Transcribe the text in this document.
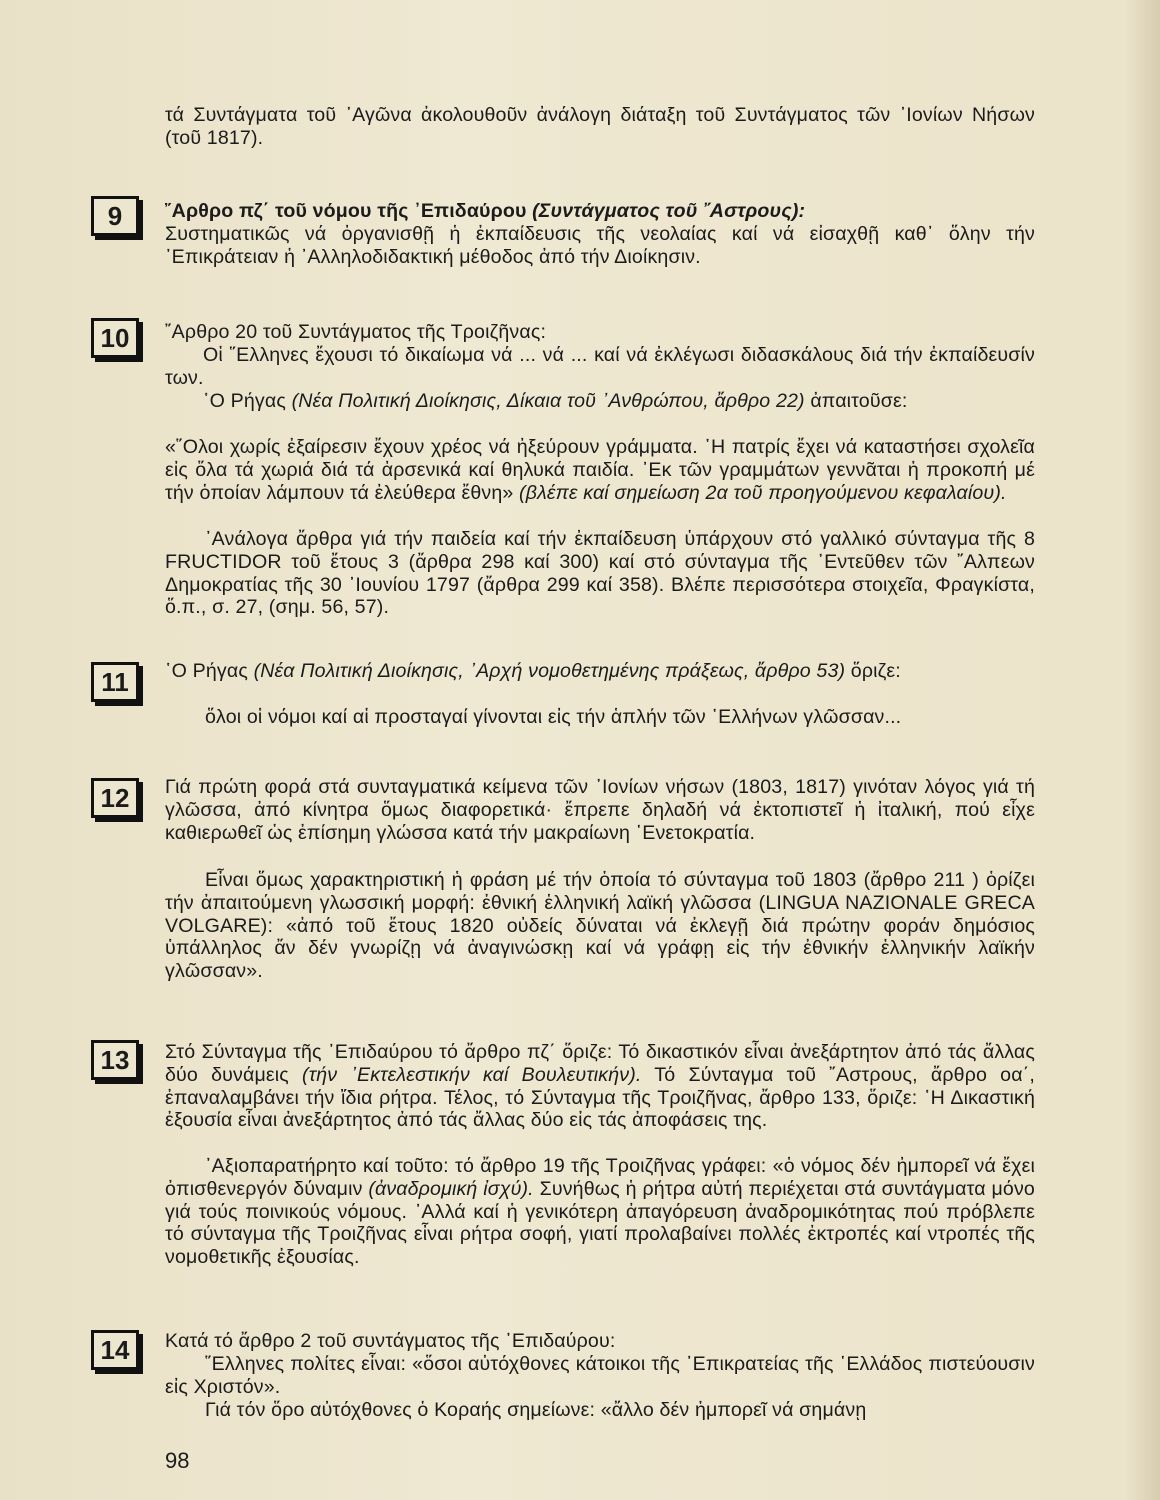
τά Συντάγματα τοῦ ᾿Αγῶνα ἀκολουθοῦν ἀνάλογη διάταξη τοῦ Συντάγματος τῶν ᾿Ιονίων Νήσων (τοῦ 1817).

9	῎Αρθρο πζ΄ τοῦ νόμου τῆς ᾿Επιδαύρου (Συντάγματος τοῦ ῎Αστρους):
Συστηματικῶς νά ὀργανισθῇ ἡ ἐκπαίδευσις τῆς νεολαίας καί νά εἰσαχθῇ καθ᾿ ὅλην τήν ᾿Επικράτειαν ἡ ᾿Αλληλοδιδακτική μέθοδος ἀπό τήν Διοίκησιν.

10	῎Αρθρο 20 τοῦ Συντάγματος τῆς Τροιζῆνας:

Οἱ ῞Ελληνες ἔχουσι τό δικαίωμα νά ... νά ... καί νά ἐκλέγωσι διδασκάλους διά τήν ἐκπαίδευσίν των.

῾Ο Ρήγας (Νέα Πολιτική Διοίκησις, Δίκαια τοῦ ᾿Ανθρώπου, ἄρθρο 22) ἀπαιτοῦσε:

«῞Ολοι χωρίς ἐξαίρεσιν ἔχουν χρέος νά ἠξεύρουν γράμματα. ῾Η πατρίς ἔχει νά καταστήσει σχολεῖα εἰς ὅλα τά χωριά διά τά ἀρσενικά καί θηλυκά παιδία. ᾿Εκ τῶν γραμμάτων γεννᾶται ἡ προκοπή μέ τήν ὁποίαν λάμπουν τά ἐλεύθερα ἔθνη» (βλέπε καί σημείωση 2α τοῦ προηγούμενου κεφαλαίου).

᾿Ανάλογα ἄρθρα γιά τήν παιδεία καί τήν ἐκπαίδευση ὑπάρχουν στό γαλλικό σύνταγμα τῆς 8 FRUCTIDOR τοῦ ἔτους 3 (ἄρθρα 298 καί 300) καί στό σύνταγμα τῆς ᾿Εντεῦθεν τῶν ῎Αλπεων Δημοκρατίας τῆς 30 ᾿Ιουνίου 1797 (ἄρθρα 299 καί 358). Βλέπε περισσότερα στοιχεῖα, Φραγκίστα, ὅ.π., σ. 27, (σημ. 56, 57).

11	῾Ο Ρήγας (Νέα Πολιτική Διοίκησις, ᾿Αρχή νομοθετημένης πράξεως, ἄρθρο 53) ὅριζε:

ὅλοι οἱ νόμοι καί αἱ προσταγαί γίνονται εἰς τήν ἁπλήν τῶν ῾Ελλήνων γλῶσσαν...

12	Γιά πρώτη φορά στά συνταγματικά κείμενα τῶν ᾿Ιονίων νήσων (1803, 1817) γινόταν λόγος γιά τή γλῶσσα, ἀπό κίνητρα ὅμως διαφορετικά· ἔπρεπε δηλαδή νά ἐκτοπιστεῖ ἡ ἰταλική, πού εἶχε καθιερωθεῖ ὡς ἐπίσημη γλώσσα κατά τήν μακραίωνη ῾Ενετοκρατία.

Εἶναι ὅμως χαρακτηριστική ἡ φράση μέ τήν ὁποία τό σύνταγμα τοῦ 1803 (ἄρθρο 211 ) ὁρίζει τήν ἀπαιτούμενη γλωσσική μορφή: ἐθνική ἑλληνική λαϊκή γλῶσσα (LINGUA NAZIONALE GRECA VOLGARE): «ἀπό τοῦ ἔτους 1820 οὐδείς δύναται νά ἐκλεγῇ διά πρώτην φοράν δημόσιος ὑπάλληλος ἄν δέν γνωρίζῃ νά ἀναγινώσκῃ καί νά γράφῃ εἰς τήν ἐθνικήν ἑλληνικήν λαϊκήν γλῶσσαν».

13	Στό Σύνταγμα τῆς ᾿Επιδαύρου τό ἄρθρο πζ΄ ὅριζε: Τό δικαστικόν εἶναι ἀνεξάρτητον ἀπό τάς ἄλλας δύο δυνάμεις (τήν ᾿Εκτελεστικήν καί Βουλευτικήν). Τό Σύνταγμα τοῦ ῎Αστρους, ἄρθρο οα΄, ἐπαναλαμβάνει τήν ἴδια ρήτρα. Τέλος, τό Σύνταγμα τῆς Τροιζῆνας, ἄρθρο 133, ὅριζε: ῾Η Δικαστική ἐξουσία εἶναι ἀνεξάρτητος ἀπό τάς ἄλλας δύο εἰς τάς ἀποφάσεις της.

᾿Αξιοπαρατήρητο καί τοῦτο: τό ἄρθρο 19 τῆς Τροιζῆνας γράφει: «ὁ νόμος δέν ἠμπορεῖ νά ἔχει ὀπισθενεργόν δύναμιν (ἀναδρομική ἰσχύ). Συνήθως ἡ ρήτρα αὐτή περιέχεται στά συντάγματα μόνο γιά τούς ποινικούς νόμους. ᾿Αλλά καί ἡ γενικότερη ἀπαγόρευση ἀναδρομικότητας πού πρόβλεπε τό σύνταγμα τῆς Τροιζῆνας εἶναι ρήτρα σοφή, γιατί προλαβαίνει πολλές ἐκτροπές καί ντροπές τῆς νομοθετικῆς ἐξουσίας.

14	Κατά τό ἄρθρο 2 τοῦ συντάγματος τῆς ᾿Επιδαύρου:

῞Ελληνες πολίτες εἶναι: «ὅσοι αὐτόχθονες κάτοικοι τῆς ᾿Επικρατείας τῆς ῾Ελλάδος πιστεύουσιν εἰς Χριστόν».

Γιά τόν ὅρο αὐτόχθονες ὁ Κοραής σημείωνε: «ἄλλο δέν ἠμπορεῖ νά σημάνῃ

98
